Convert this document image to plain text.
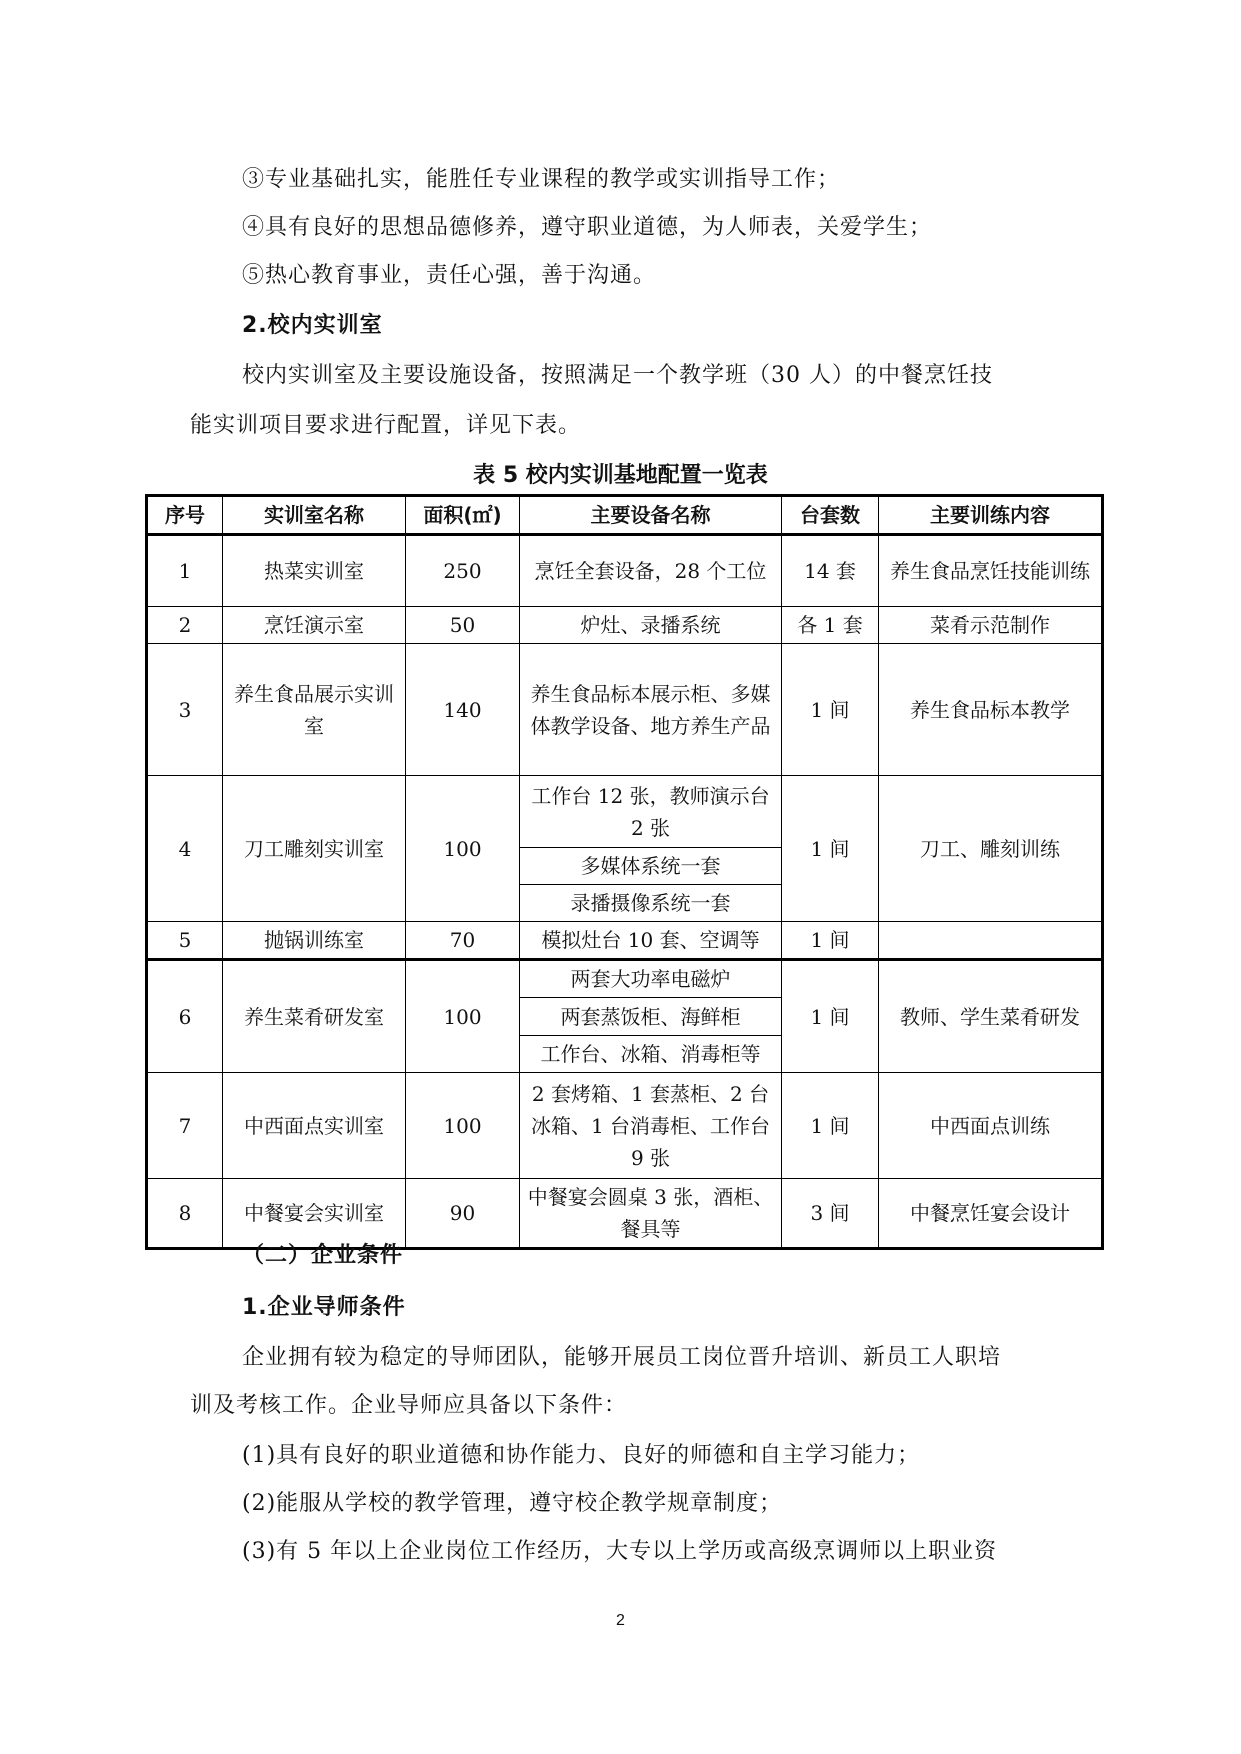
③专业基础扎实，能胜任专业课程的教学或实训指导工作；
④具有良好的思想品德修养，遵守职业道德，为人师表，关爱学生；
⑤热心教育事业，责任心强，善于沟通。
2.校内实训室
校内实训室及主要设施设备，按照满足一个教学班（30 人）的中餐烹饪技
能实训项目要求进行配置，详见下表。
表 5 校内实训基地配置一览表
序号	实训室名称	面积(㎡)	主要设备名称	台套数	主要训练内容
1	热菜实训室	250	烹饪全套设备，28 个工位	14 套	养生食品烹饪技能训练
2	烹饪演示室	50	炉灶、录播系统	各 1 套	菜肴示范制作
3	养生食品展示实训室	140	养生食品标本展示柜、多媒体教学设备、地方养生产品	1 间	养生食品标本教学
4	刀工雕刻实训室	100	工作台 12 张，教师演示台 2 张	1 间	刀工、雕刻训练
			多媒体系统一套		
			录播摄像系统一套		
5	抛锅训练室	70	模拟灶台 10 套、空调等	1 间	
6	养生菜肴研发室	100	两套大功率电磁炉	1 间	教师、学生菜肴研发
			两套蒸饭柜、海鲜柜		
			工作台、冰箱、消毒柜等		
7	中西面点实训室	100	2 套烤箱、1 套蒸柜、2 台冰箱、1 台消毒柜、工作台 9 张	1 间	中西面点训练
8	中餐宴会实训室	90	中餐宴会圆桌 3 张，酒柜、餐具等	3 间	中餐烹饪宴会设计
（二）企业条件
1.企业导师条件
企业拥有较为稳定的导师团队，能够开展员工岗位晋升培训、新员工人职培
训及考核工作。企业导师应具备以下条件：
(1)具有良好的职业道德和协作能力、良好的师德和自主学习能力；
(2)能服从学校的教学管理，遵守校企教学规章制度；
(3)有 5 年以上企业岗位工作经历，大专以上学历或高级烹调师以上职业资
2
